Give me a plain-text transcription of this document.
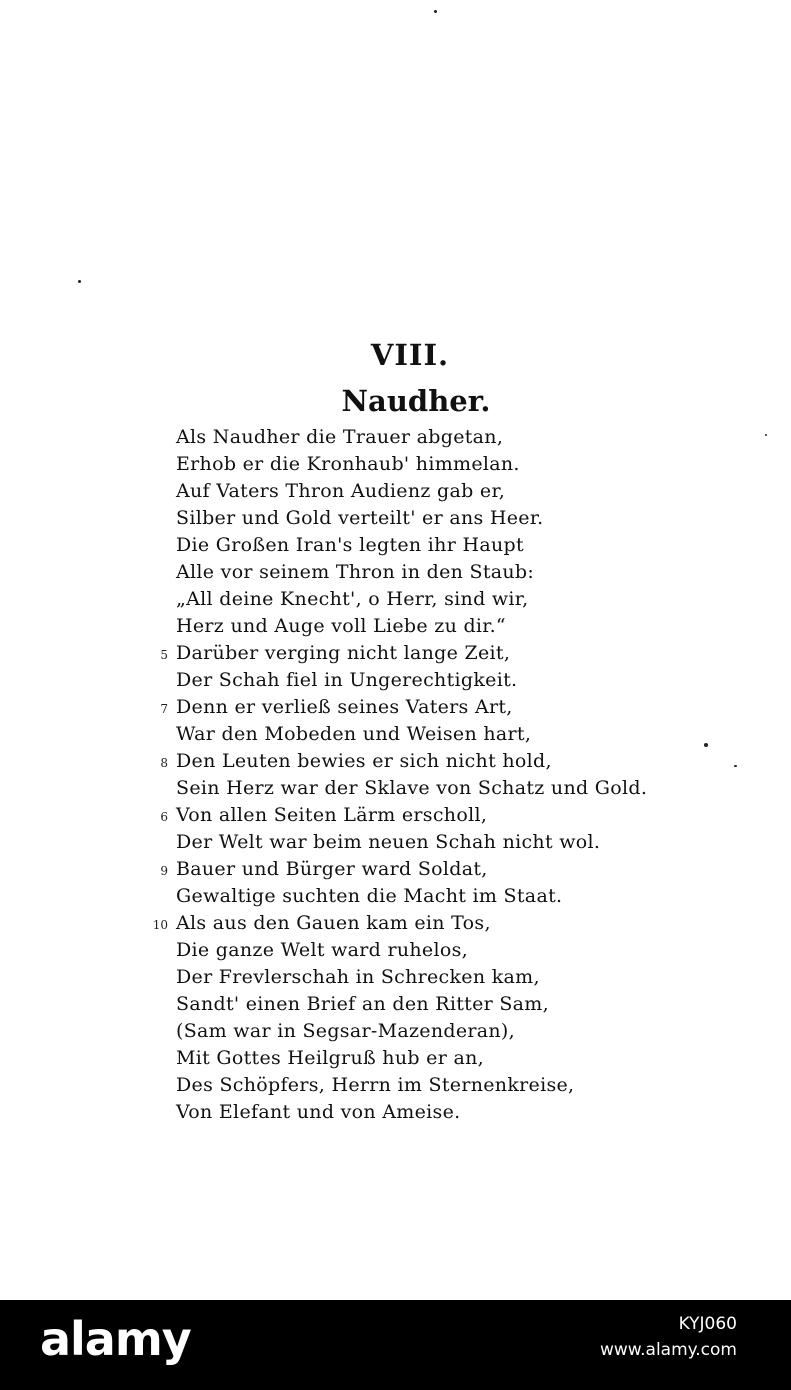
VIII.
Naudher.
Als Naudher die Trauer abgetan,
Erhob er die Kronhaub' himmelan.
Auf Vaters Thron Audienz gab er,
Silber und Gold verteilt' er ans Heer.
Die Großen Iran's legten ihr Haupt
Alle vor seinem Thron in den Staub:
„All deine Knecht', o Herr, sind wir,
Herz und Auge voll Liebe zu dir.“
5 Darüber verging nicht lange Zeit,
Der Schah fiel in Ungerechtigkeit.
7 Denn er verließ seines Vaters Art,
War den Mobeden und Weisen hart,
8 Den Leuten bewies er sich nicht hold,
Sein Herz war der Sklave von Schatz und Gold.
6 Von allen Seiten Lärm erscholl,
Der Welt war beim neuen Schah nicht wol.
9 Bauer und Bürger ward Soldat,
Gewaltige suchten die Macht im Staat.
10 Als aus den Gauen kam ein Tos,
Die ganze Welt ward ruhelos,
Der Frevlerschah in Schrecken kam,
Sandt' einen Brief an den Ritter Sam,
(Sam war in Segsar-Mazenderan),
Mit Gottes Heilgruß hub er an,
Des Schöpfers, Herrn im Sternenkreise,
Von Elefant und von Ameise.
alamy	KYJ060
www.alamy.com
